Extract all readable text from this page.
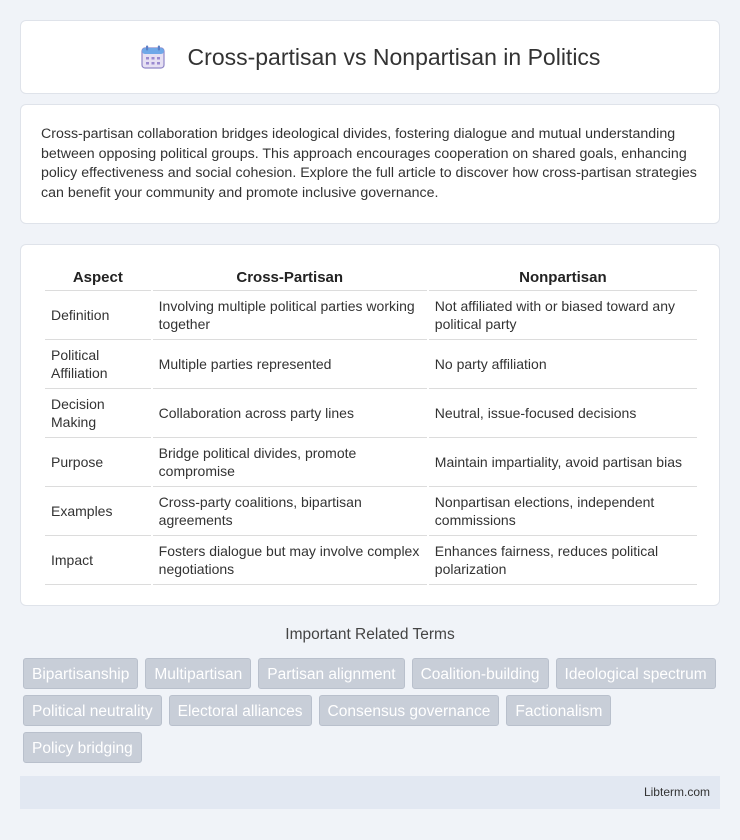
Cross-partisan vs Nonpartisan in Politics

Cross-partisan collaboration bridges ideological divides, fostering dialogue and mutual understanding between opposing political groups. This approach encourages cooperation on shared goals, enhancing policy effectiveness and social cohesion. Explore the full article to discover how cross-partisan strategies can benefit your community and promote inclusive governance.

Aspect	Cross-Partisan	Nonpartisan
Definition	Involving multiple political parties working together	Not affiliated with or biased toward any political party
Political Affiliation	Multiple parties represented	No party affiliation
Decision Making	Collaboration across party lines	Neutral, issue-focused decisions
Purpose	Bridge political divides, promote compromise	Maintain impartiality, avoid partisan bias
Examples	Cross-party coalitions, bipartisan agreements	Nonpartisan elections, independent commissions
Impact	Fosters dialogue but may involve complex negotiations	Enhances fairness, reduces political polarization
Important Related Terms
Bipartisanship	Multipartisan	Partisan alignment	Coalition-building	Ideological spectrum
Political neutrality	Electoral alliances	Consensus governance	Factionalism
Policy bridging
Libterm.com
